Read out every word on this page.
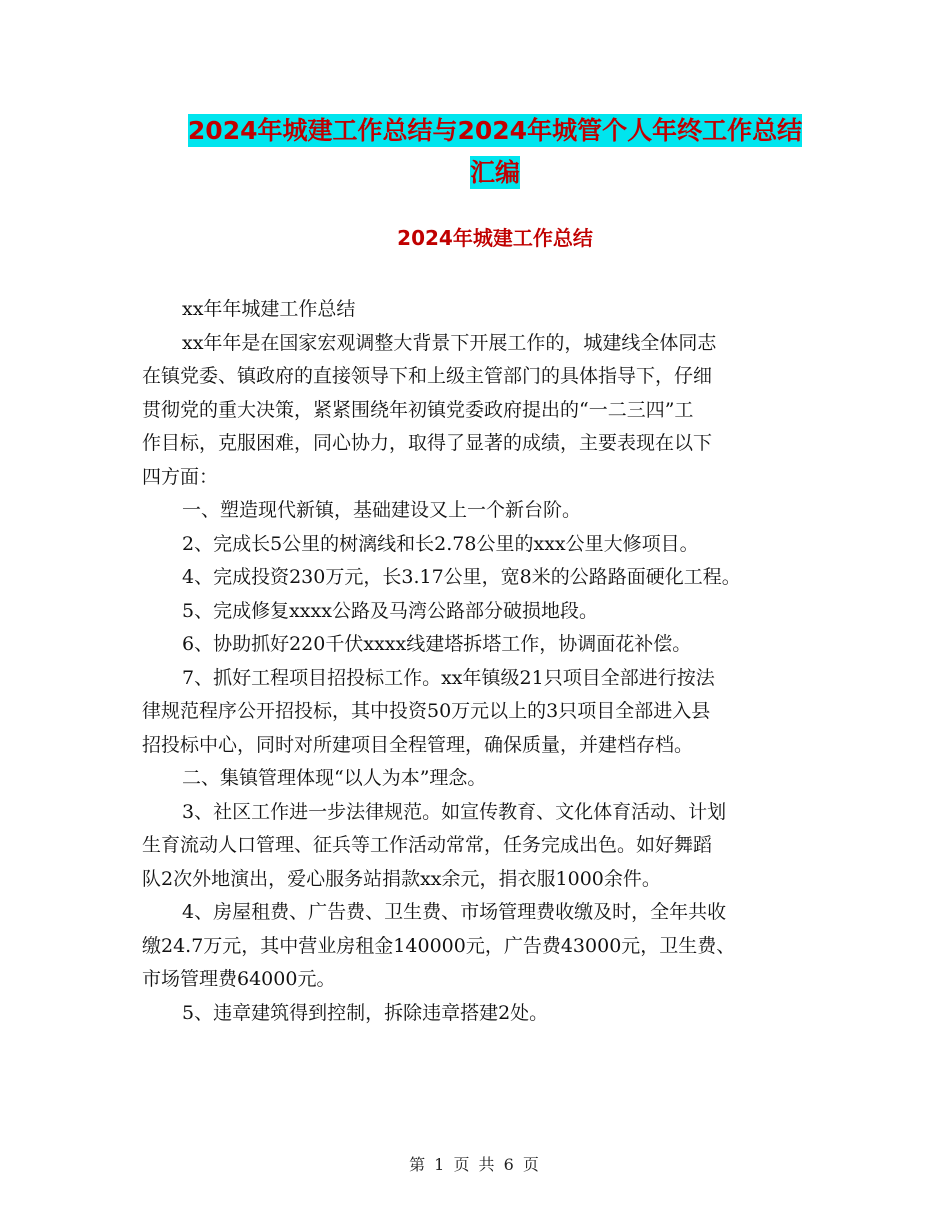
2024年城建工作总结与2024年城管个人年终工作总结
汇编
2024年城建工作总结

xx年年城建工作总结

xx年年是在国家宏观调整大背景下开展工作的，城建线全体同志
在镇党委、镇政府的直接领导下和上级主管部门的具体指导下，仔细
贯彻党的重大决策，紧紧围绕年初镇党委政府提出的“一二三四”工
作目标，克服困难，同心协力，取得了显著的成绩，主要表现在以下
四方面：

一、塑造现代新镇，基础建设又上一个新台阶。

2、完成长5公里的树漓线和长2.78公里的xxx公里大修项目。

4、完成投资230万元，长3.17公里，宽8米的公路路面硬化工程。

5、完成修复xxxx公路及马湾公路部分破损地段。

6、协助抓好220千伏xxxx线建塔拆塔工作，协调面花补偿。

7、抓好工程项目招投标工作。xx年镇级21只项目全部进行按法
律规范程序公开招投标，其中投资50万元以上的3只项目全部进入县
招投标中心，同时对所建项目全程管理，确保质量，并建档存档。

二、集镇管理体现“以人为本”理念。

3、社区工作进一步法律规范。如宣传教育、文化体育活动、计划
生育流动人口管理、征兵等工作活动常常，任务完成出色。如好舞蹈
队2次外地演出，爱心服务站捐款xx余元，捐衣服1000余件。

4、房屋租费、广告费、卫生费、市场管理费收缴及时，全年共收
缴24.7万元，其中营业房租金140000元，广告费43000元，卫生费、
市场管理费64000元。

5、违章建筑得到控制，拆除违章搭建2处。

第 1 页 共 6 页
